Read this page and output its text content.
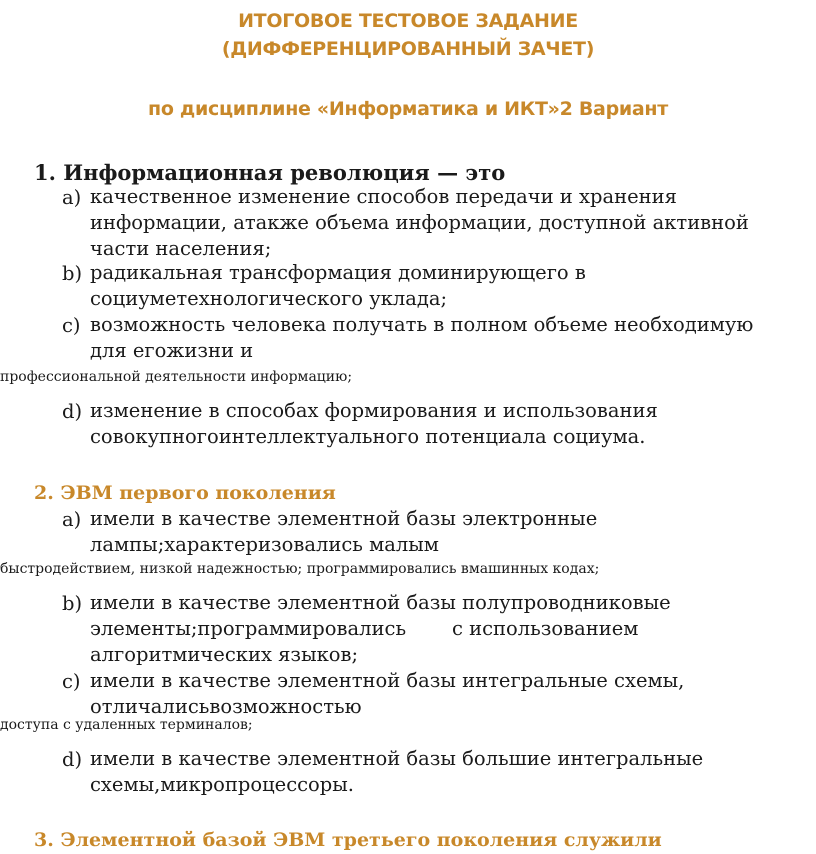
ИТОГОВОЕ ТЕСТОВОЕ ЗАДАНИЕ
(ДИФФЕРЕНЦИРОВАННЫЙ ЗАЧЕТ)
по дисциплине «Информатика и ИКТ»2 Вариант
1. Информационная революция — это
a) качественное изменение способов передачи и хранения
информации, атакже объема информации, доступной активной
части населения;
b) радикальная трансформация доминирующего в
социуметехнологического уклада;
c) возможность человека получать в полном объеме необходимую
для егожизни и
профессиональной деятельности информацию;
d) изменение в способах формирования и использования
совокупногоинтеллектуального потенциала социума.
2. ЭВМ первого поколения
a) имели в качестве элементной базы электронные
лампы;характеризовались малым
быстродействием, низкой надежностью; программировались вмашинных кодах;
b) имели в качестве элементной базы полупроводниковые
элементы;программировались с использованием
алгоритмических языков;
c) имели в качестве элементной базы интегральные схемы,
отличалисьвозможностью
доступа с удаленных терминалов;
d) имели в качестве элементной базы большие интегральные
схемы,микропроцессоры.
3. Элементной базой ЭВМ третьего поколения служили
